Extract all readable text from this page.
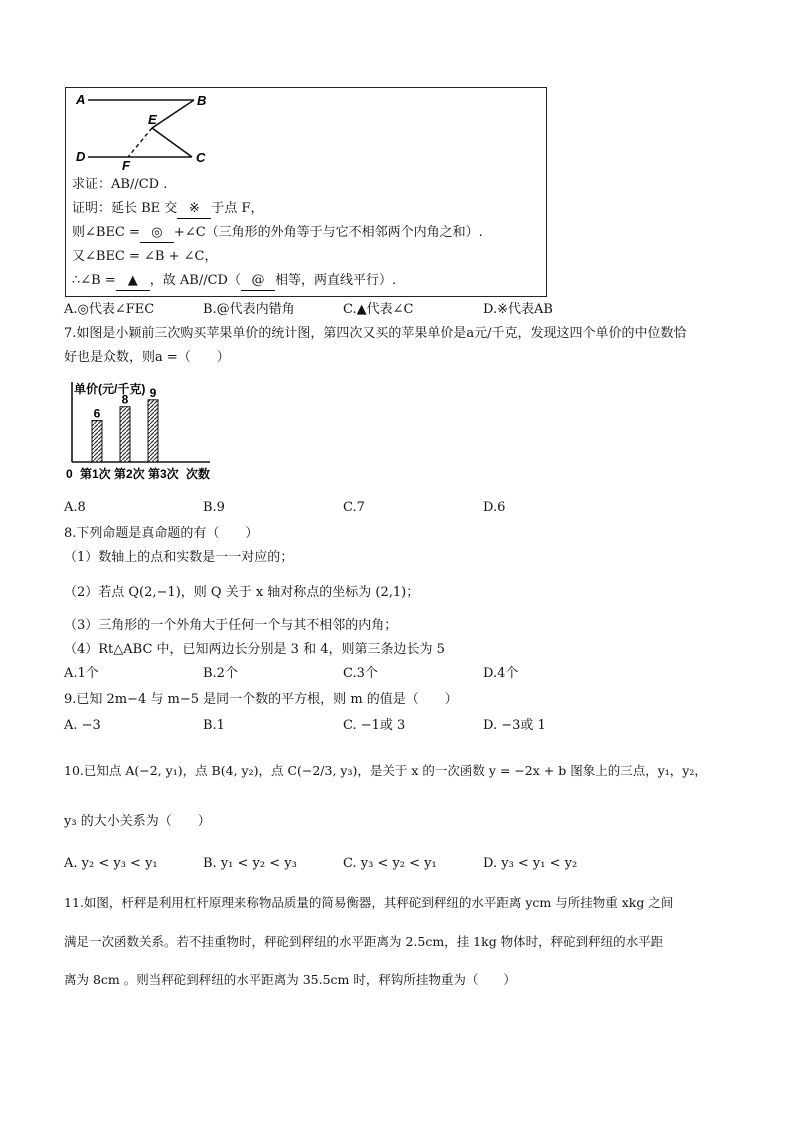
A	B
E
D
F
C
求证：AB//CD .
证明：延长 BE 交 ※ 于点 F，
则∠BEC = ◎ +∠C（三角形的外角等于与它不相邻两个内角之和）.
又∠BEC = ∠B + ∠C，
∴∠B = ▲ ，故 AB//CD（ @ 相等，两直线平行）.
A.◎代表∠FEC	B.@代表内错角	C.▲代表∠C	D.※代表AB
7.如图是小颖前三次购买苹果单价的统计图，第四次又买的苹果单价是a元/千克，发现这四个单价的中位数恰
好也是众数，则a =（　　）
单价(元/千克)
0	次数
6
8 9
第1次 第2次 第3次
A.8	B.9	C.7	D.6
8.下列命题是真命题的有（　　）
（1）数轴上的点和实数是一一对应的；
（2）若点 Q(2,−1)，则 Q 关于 x 轴对称点的坐标为 (2,1)；
（3）三角形的一个外角大于任何一个与其不相邻的内角；
（4）Rt△ABC 中，已知两边长分别是 3 和 4，则第三条边长为 5
A.1个	B.2个	C.3个	D.4个
9.已知 2m−4 与 m−5 是同一个数的平方根，则 m 的值是（　　）
A. −3	B.1	C. −1或 3	D. −3或 1
10.已知点 A(−2, y₁)，点 B(4, y₂)，点 C(−2/3, y₃)，是关于 x 的一次函数 y = −2x + b 图象上的三点，y₁，y₂，
y₃ 的大小关系为（　　）
A. y₂ < y₃ < y₁	B. y₁ < y₂ < y₃	C. y₃ < y₂ < y₁	D. y₃ < y₁ < y₂
11.如图，杆秤是利用杠杆原理来称物品质量的简易衡器，其秤砣到秤纽的水平距离 ycm 与所挂物重 xkg 之间
满足一次函数关系。若不挂重物时，秤砣到秤纽的水平距离为 2.5cm，挂 1kg 物体时，秤砣到秤纽的水平距
离为 8cm 。则当秤砣到秤纽的水平距离为 35.5cm 时，秤钩所挂物重为（　　）
